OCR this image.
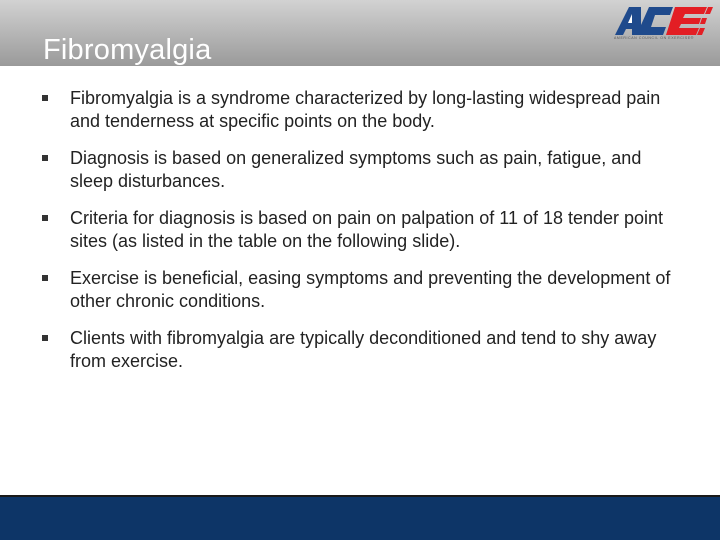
Fibromyalgia	AMERICAN COUNCIL ON EXERCISE®
Fibromyalgia is a syndrome characterized by long-lasting widespread pain and tenderness at specific points on the body.
Diagnosis is based on generalized symptoms such as pain, fatigue, and sleep disturbances.
Criteria for diagnosis is based on pain on palpation of 11 of 18 tender point sites (as listed in the table on the following slide).
Exercise is beneficial, easing symptoms and preventing the development of other chronic conditions.
Clients with fibromyalgia are typically deconditioned and tend to shy away from exercise.
